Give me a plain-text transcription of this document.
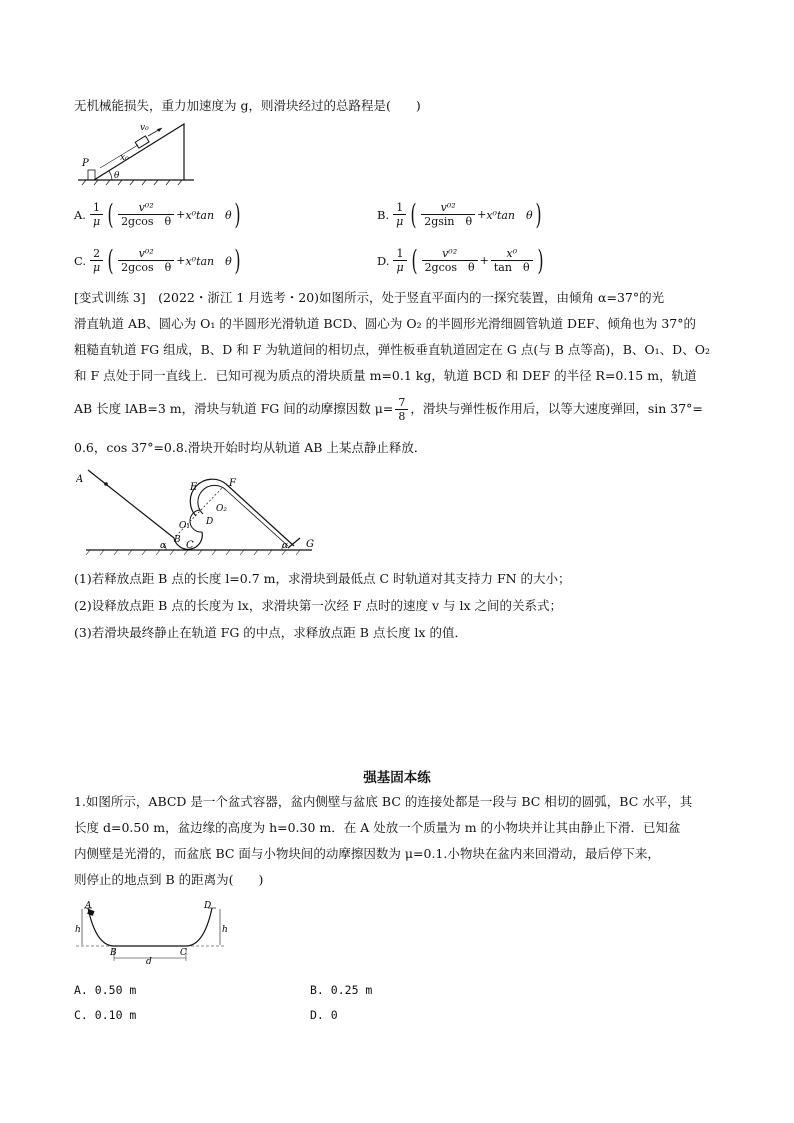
无机械能损失，重力加速度为 g，则滑块经过的总路程是(　　)
v₀
x₀
P
θ
A. $\frac{1}{\mu}$ ( $\frac{\text{v⁰²}}{\text{2gcos　θ}} +x^0\tan$　θ)	B. $\frac{1}{\mu}$ ( $\frac{\text{v⁰²}}{\text{2gsin　θ}} +x^0\tan$　θ)
C. $\frac{2}{\mu}$ ( $\frac{\text{v⁰²}}{\text{2gcos　θ}} +x^0\tan$　θ)	D. $\frac{1}{\mu}$ ( $\frac{\text{v⁰²}}{\text{2gcos　θ}} + \frac{\text{x⁰}}{\text{tan　θ}}$ )
[变式训练 3]　(2022・浙江 1 月选考・20)如图所示，处于竖直平面内的一探究装置，由倾角 α=37°的光
滑直轨道 AB、圆心为 O₁ 的半圆形光滑轨道 BCD、圆心为 O₂ 的半圆形光滑细圆管轨道 DEF、倾角也为 37°的
粗糙直轨道 FG 组成，B、D 和 F 为轨道间的相切点，弹性板垂直轨道固定在 G 点(与 B 点等高)，B、O₁、D、O₂
和 F 点处于同一直线上．已知可视为质点的滑块质量 m=0.1 kg，轨道 BCD 和 DEF 的半径 R=0.15 m，轨道
AB 长度 lAB=3 m，滑块与轨道 FG 间的动摩擦因数 $\mu= \frac{7}{8}$ ，滑块与弹性板作用后，以等大速度弹回，sin 37°=
0.6，cos 37°=0.8.滑块开始时均从轨道 AB 上某点静止释放．
A
E	F
O₂
O₁ D
B C
α	α G
(1)若释放点距 B 点的长度 l=0.7 m，求滑块到最低点 C 时轨道对其支持力 FN 的大小；
(2)设释放点距 B 点的长度为 lx，求滑块第一次经 F 点时的速度 v 与 lx 之间的关系式；
(3)若滑块最终静止在轨道 FG 的中点，求释放点距 B 点长度 lx 的值．
强基固本练
1.如图所示，ABCD 是一个盆式容器，盆内侧壁与盆底 BC 的连接处都是一段与 BC 相切的圆弧，BC 水平，其
长度 d=0.50 m，盆边缘的高度为 h=0.30 m．在 A 处放一个质量为 m 的小物块并让其由静止下滑．已知盆
内侧壁是光滑的，而盆底 BC 面与小物块间的动摩擦因数为 μ=0.1.小物块在盆内来回滑动，最后停下来，
则停止的地点到 B 的距离为(　　)
A	D
h	h
B	C
d
A. 0.50 m	B. 0.25 m
C. 0.10 m	D. 0
